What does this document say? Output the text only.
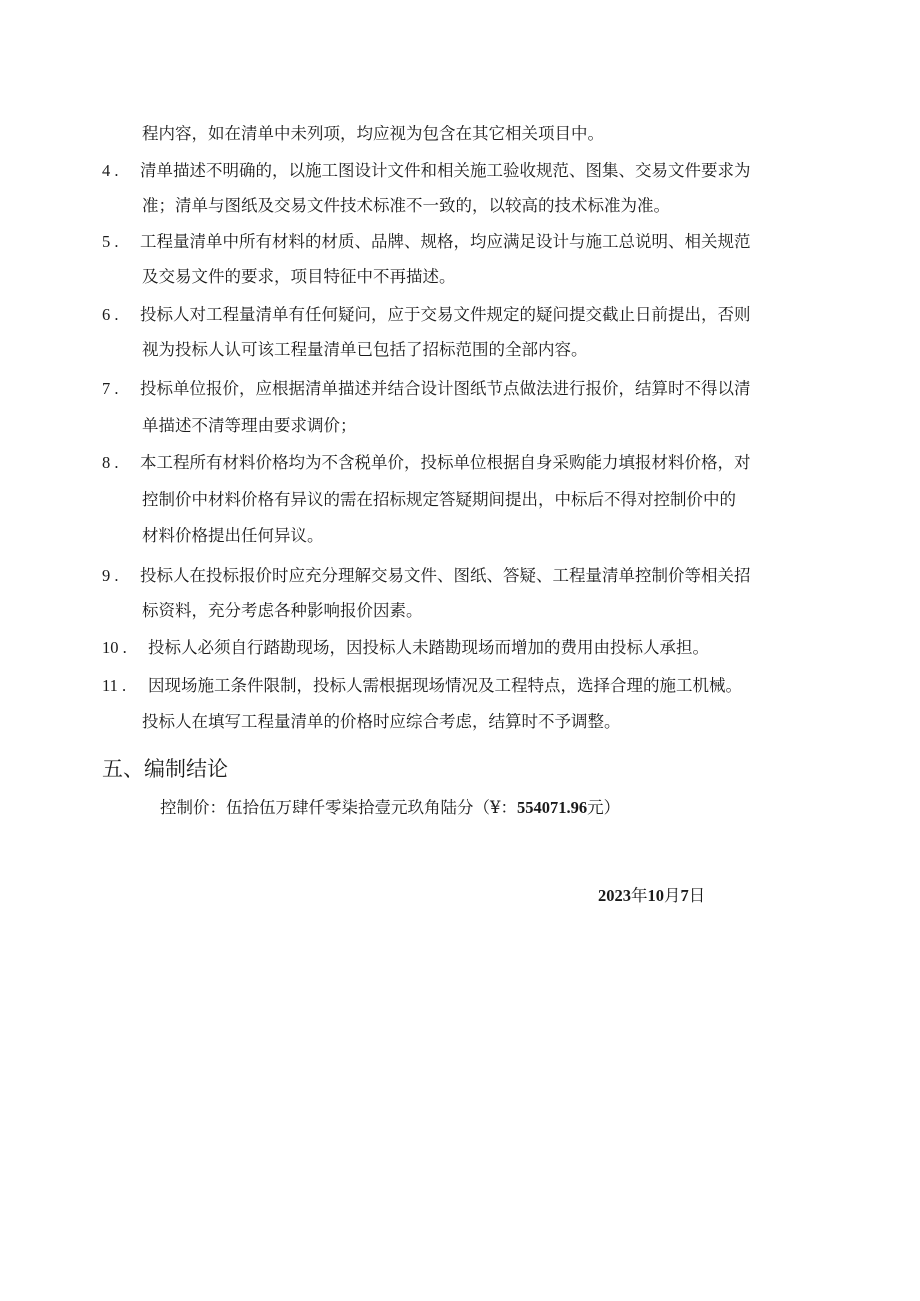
程内容，如在清单中未列项，均应视为包含在其它相关项目中。
4 . 清单描述不明确的，以施工图设计文件和相关施工验收规范、图集、交易文件要求为
准；清单与图纸及交易文件技术标准不一致的，以较高的技术标准为准。
5 . 工程量清单中所有材料的材质、品牌、规格，均应满足设计与施工总说明、相关规范
及交易文件的要求，项目特征中不再描述。
6 . 投标人对工程量清单有任何疑问，应于交易文件规定的疑问提交截止日前提出，否则
视为投标人认可该工程量清单已包括了招标范围的全部内容。
7 . 投标单位报价，应根据清单描述并结合设计图纸节点做法进行报价，结算时不得以清
单描述不清等理由要求调价；
8 . 本工程所有材料价格均为不含税单价，投标单位根据自身采购能力填报材料价格，对
控制价中材料价格有异议的需在招标规定答疑期间提出，中标后不得对控制价中的
材料价格提出任何异议。
9 . 投标人在投标报价时应充分理解交易文件、图纸、答疑、工程量清单控制价等相关招
标资料，充分考虑各种影响报价因素。
10 . 投标人必须自行踏勘现场，因投标人未踏勘现场而增加的费用由投标人承担。
11 . 因现场施工条件限制，投标人需根据现场情况及工程特点，选择合理的施工机械。
投标人在填写工程量清单的价格时应综合考虑，结算时不予调整。
五、编制结论
控制价：伍拾伍万肆仟零柒拾壹元玖角陆分（¥：554071.96元）
2023年10月7日
